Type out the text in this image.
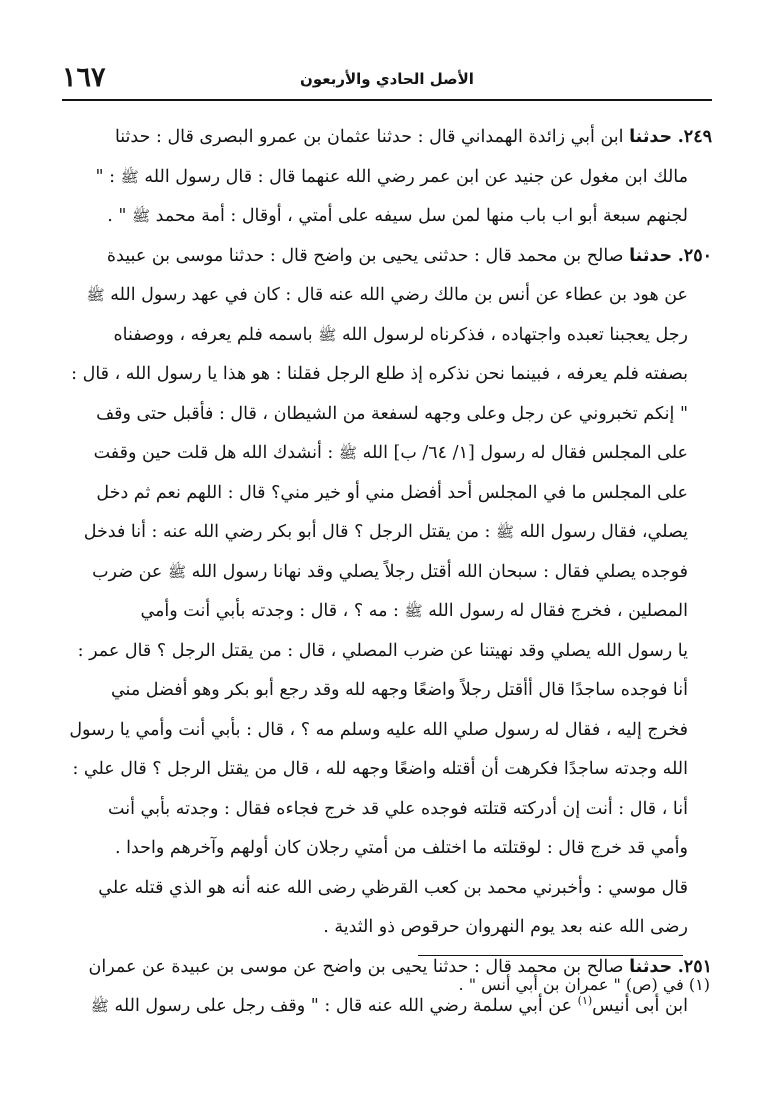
١٦٧	الأصل الحادي والأربعون
٢٤٩. حدثنا ابن أبي زائدة الهمداني قال : حدثنا عثمان بن عمرو البصرى قال : حدثنا
مالك ابن مغول عن جنيد عن ابن عمر رضي الله عنهما قال : قال رسول الله ﷺ : "
لجنهم سبعة أبو اب باب منها لمن سل سيفه على أمتي ، أوقال : أمة محمد ﷺ " .
٢٥٠. حدثنا صالح بن محمد قال : حدثنى يحيى بن واضح قال : حدثنا موسى بن عبيدة
عن هود بن عطاء عن أنس بن مالك رضي الله عنه قال : كان في عهد رسول الله ﷺ
رجل يعجبنا تعبده واجتهاده ، فذكرناه لرسول الله ﷺ باسمه فلم يعرفه ، ووصفناه
بصفته فلم يعرفه ، فبينما نحن نذكره إذ طلع الرجل فقلنا : هو هذا يا رسول الله ، قال :
" إنكم تخبروني عن رجل وعلى وجهه لسفعة من الشيطان ، قال : فأقبل حتى وقف
على المجلس فقال له رسول [١/ ٦٤/ ب] الله ﷺ : أنشدك الله هل قلت حين وقفت
على المجلس ما في المجلس أحد أفضل مني أو خير مني؟ قال : اللهم نعم ثم دخل
يصلي، فقال رسول الله ﷺ : من يقتل الرجل ؟ قال أبو بكر رضي الله عنه : أنا فدخل
فوجده يصلي فقال : سبحان الله أقتل رجلاً يصلي وقد نهانا رسول الله ﷺ عن ضرب
المصلين ، فخرج فقال له رسول الله ﷺ : مه ؟ ، قال : وجدته بأبي أنت وأمي
يا رسول الله يصلي وقد نهيتنا عن ضرب المصلي ، قال : من يقتل الرجل ؟ قال عمر :
أنا فوجده ساجدًا قال أأقتل رجلاً واضعًا وجهه لله وقد رجع أبو بكر وهو أفضل مني
فخرج إليه ، فقال له رسول صلي الله عليه وسلم مه ؟ ، قال : بأبي أنت وأمي يا رسول
الله وجدته ساجدًا فكرهت أن أقتله واضعًا وجهه لله ، قال من يقتل الرجل ؟ قال علي :
أنا ، قال : أنت إن أدركته قتلته فوجده علي قد خرج فجاءه فقال : وجدته بأبي أنت
وأمي قد خرج قال : لوقتلته ما اختلف من أمتي رجلان كان أولهم وآخرهم واحدا .
قال موسي : وأخبرني محمد بن كعب القرظي رضى الله عنه أنه هو الذي قتله علي
رضى الله عنه بعد يوم النهروان حرقوص ذو الثدية .
٢٥١. حدثنا صالح بن محمد قال : حدثنا يحيى بن واضح عن موسى بن عبيدة عن عمران
ابن أبى أنيس$^{(١)}$ عن أبي سلمة رضي الله عنه قال : " وقف رجل على رسول الله ﷺ
(١) في (ص) " عمران بن أبي أنس " .
